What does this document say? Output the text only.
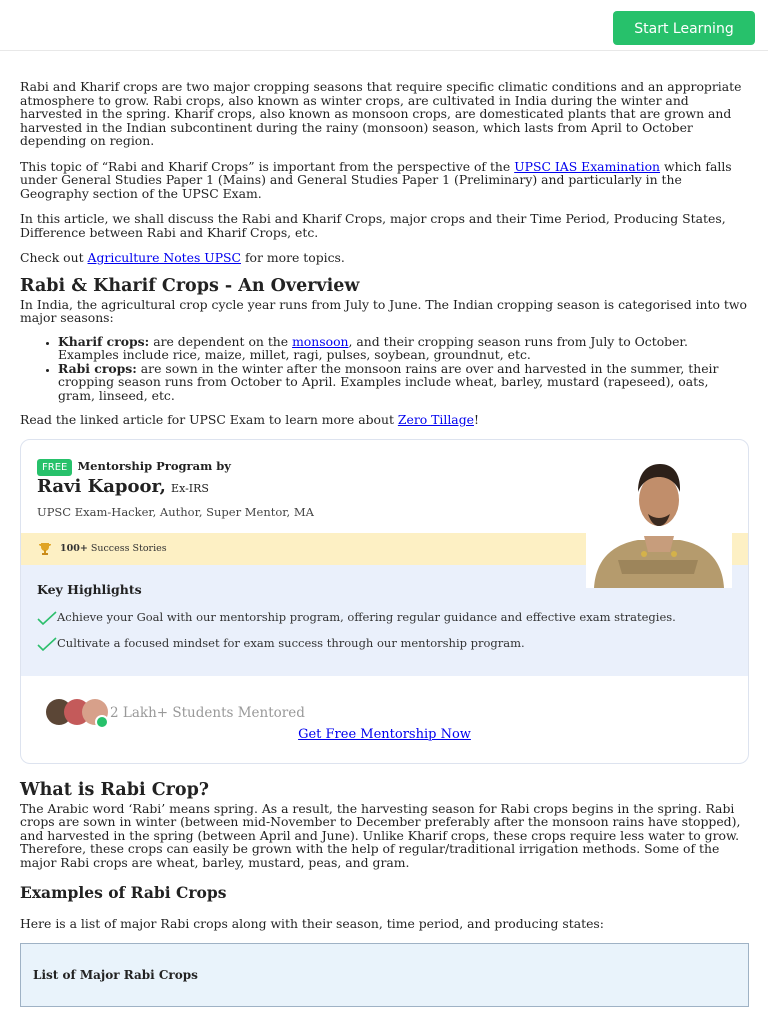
Start Learning

Rabi and Kharif crops are two major cropping seasons that require specific climatic conditions and an appropriate atmosphere to grow. Rabi crops, also known as winter crops, are cultivated in India during the winter and harvested in the spring. Kharif crops, also known as monsoon crops, are domesticated plants that are grown and harvested in the Indian subcontinent during the rainy (monsoon) season, which lasts from April to October depending on region.

This topic of “Rabi and Kharif Crops” is important from the perspective of the UPSC IAS Examination which falls under General Studies Paper 1 (Mains) and General Studies Paper 1 (Preliminary) and particularly in the Geography section of the UPSC Exam.

In this article, we shall discuss the Rabi and Kharif Crops, major crops and their Time Period, Producing States, Difference between Rabi and Kharif Crops, etc.

Check out Agriculture Notes UPSC for more topics.

Rabi & Kharif Crops - An Overview

In India, the agricultural crop cycle year runs from July to June. The Indian cropping season is categorised into two major seasons:

• Kharif crops: are dependent on the monsoon, and their cropping season runs from July to October. Examples include rice, maize, millet, ragi, pulses, soybean, groundnut, etc.
• Rabi crops: are sown in the winter after the monsoon rains are over and harvested in the summer, their cropping season runs from October to April. Examples include wheat, barley, mustard (rapeseed), oats, gram, linseed, etc.

Read the linked article for UPSC Exam to learn more about Zero Tillage!

FREE Mentorship Program by
Ravi Kapoor, Ex-IRS
UPSC Exam-Hacker, Author, Super Mentor, MA
100+ Success Stories
Key Highlights
Achieve your Goal with our mentorship program, offering regular guidance and effective exam strategies.
Cultivate a focused mindset for exam success through our mentorship program.
2 Lakh+ Students Mentored
Get Free Mentorship Now
What is Rabi Crop?

The Arabic word ‘Rabi’ means spring. As a result, the harvesting season for Rabi crops begins in the spring. Rabi crops are sown in winter (between mid-November to December preferably after the monsoon rains have stopped), and harvested in the spring (between April and June). Unlike Kharif crops, these crops require less water to grow. Therefore, these crops can easily be grown with the help of regular/traditional irrigation methods. Some of the major Rabi crops are wheat, barley, mustard, peas, and gram.

Examples of Rabi Crops

Here is a list of major Rabi crops along with their season, time period, and producing states:

List of Major Rabi Crops
